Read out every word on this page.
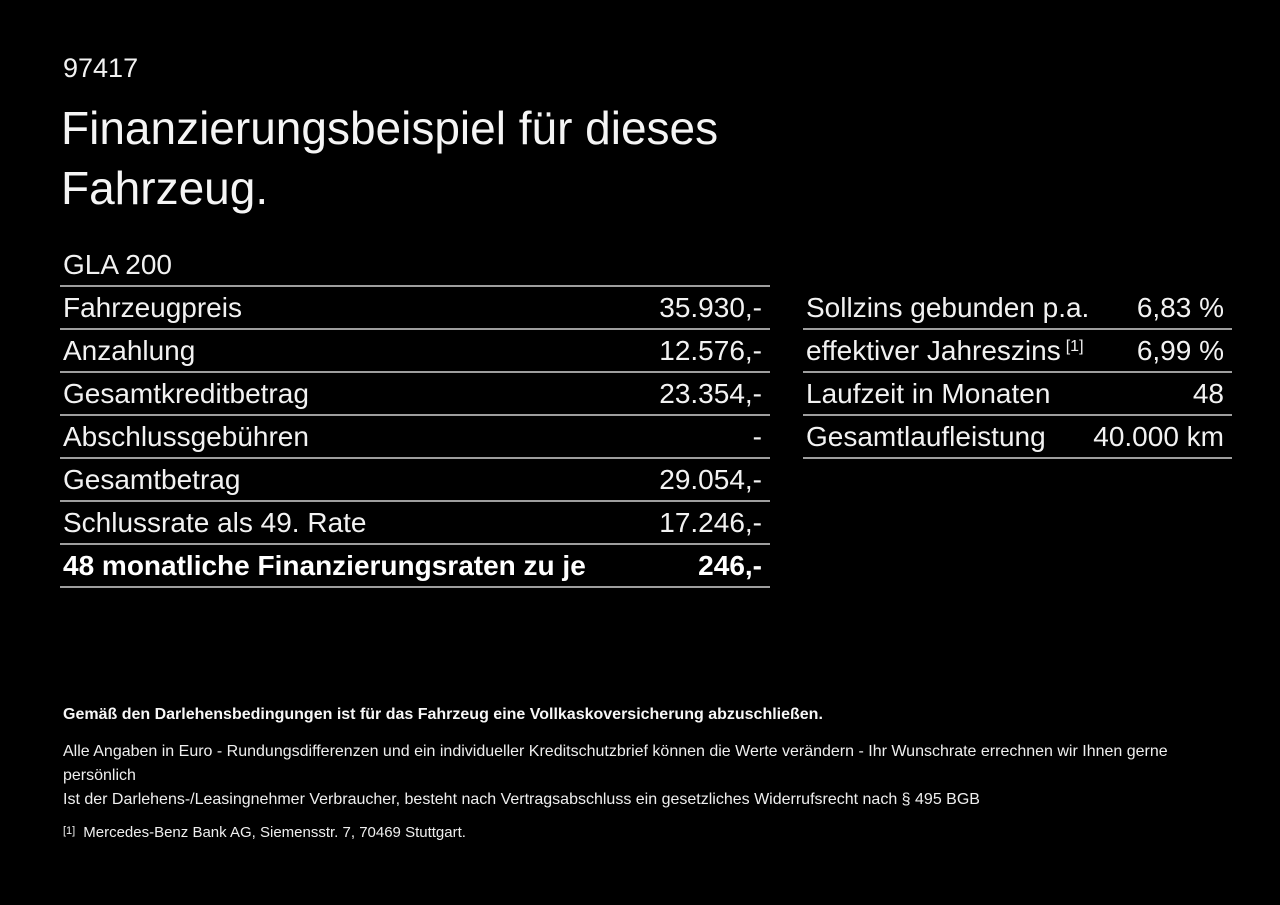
97417
Finanzierungsbeispiel für dieses
Fahrzeug.
GLA 200
Fahrzeugpreis	35.930,-
Anzahlung	12.576,-
Gesamtkreditbetrag	23.354,-
Abschlussgebühren	-
Gesamtbetrag	29.054,-
Schlussrate als 49. Rate	17.246,-
48 monatliche Finanzierungsraten zu je	246,-
Sollzins gebunden p.a. 6,83 %
effektiver Jahreszins [1] 6,99 %
Laufzeit in Monaten	48
Gesamtlaufleistung 40.000 km

Gemäß den Darlehensbedingungen ist für das Fahrzeug eine Vollkaskoversicherung abzuschließen.

Alle Angaben in Euro - Rundungsdifferenzen und ein individueller Kreditschutzbrief können die Werte verändern - Ihr Wunschrate errechnen wir Ihnen gerne persönlich

Ist der Darlehens-/Leasingnehmer Verbraucher, besteht nach Vertragsabschluss ein gesetzliches Widerrufsrecht nach § 495 BGB

[1] Mercedes-Benz Bank AG, Siemensstr. 7, 70469 Stuttgart.
